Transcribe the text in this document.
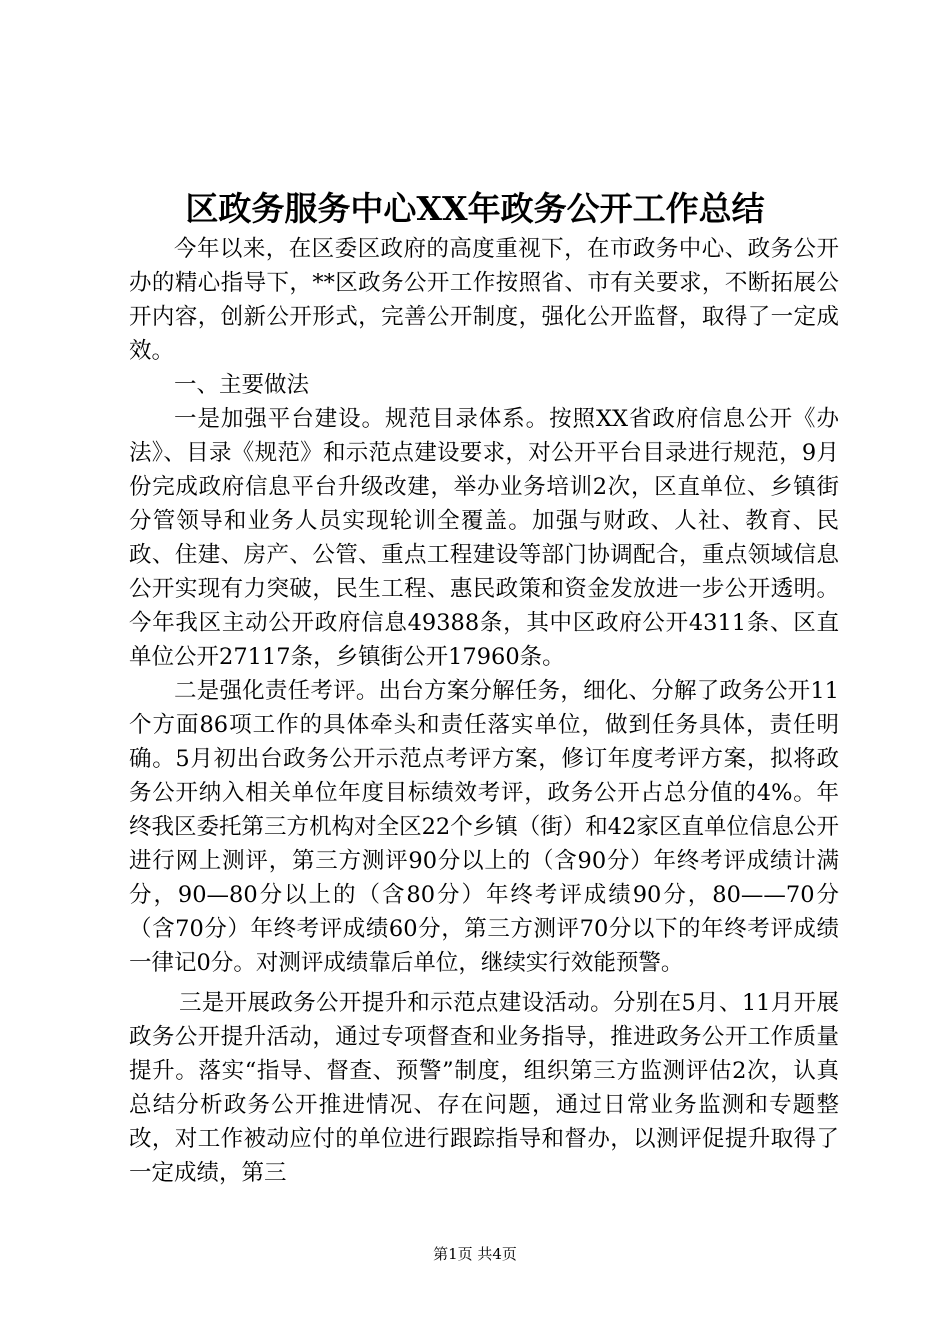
区政务服务中心XX年政务公开工作总结

今年以来，在区委区政府的高度重视下，在市政务中心、政务公开办的精心指导下，**区政务公开工作按照省、市有关要求，不断拓展公开内容，创新公开形式，完善公开制度，强化公开监督，取得了一定成效。

一、主要做法

一是加强平台建设。规范目录体系。按照XX省政府信息公开《办法》、目录《规范》和示范点建设要求，对公开平台目录进行规范，9月份完成政府信息平台升级改建，举办业务培训2次，区直单位、乡镇街分管领导和业务人员实现轮训全覆盖。加强与财政、人社、教育、民政、住建、房产、公管、重点工程建设等部门协调配合，重点领域信息公开实现有力突破，民生工程、惠民政策和资金发放进一步公开透明。今年我区主动公开政府信息49388条，其中区政府公开4311条、区直单位公开27117条，乡镇街公开17960条。

二是强化责任考评。出台方案分解任务，细化、分解了政务公开11个方面86项工作的具体牵头和责任落实单位，做到任务具体，责任明确。5月初出台政务公开示范点考评方案，修订年度考评方案，拟将政务公开纳入相关单位年度目标绩效考评，政务公开占总分值的4%。年终我区委托第三方机构对全区22个乡镇（街）和42家区直单位信息公开进行网上测评，第三方测评90分以上的（含90分）年终考评成绩计满分，90—80分以上的（含80分）年终考评成绩90分，80——70分（含70分）年终考评成绩60分，第三方测评70分以下的年终考评成绩一律记0分。对测评成绩靠后单位，继续实行效能预警。

三是开展政务公开提升和示范点建设活动。分别在5月、11月开展政务公开提升活动，通过专项督查和业务指导，推进政务公开工作质量提升。落实“指导、督查、预警”制度，组织第三方监测评估2次，认真总结分析政务公开推进情况、存在问题，通过日常业务监测和专题整改，对工作被动应付的单位进行跟踪指导和督办，以测评促提升取得了一定成绩，第三

第1页 共4页
